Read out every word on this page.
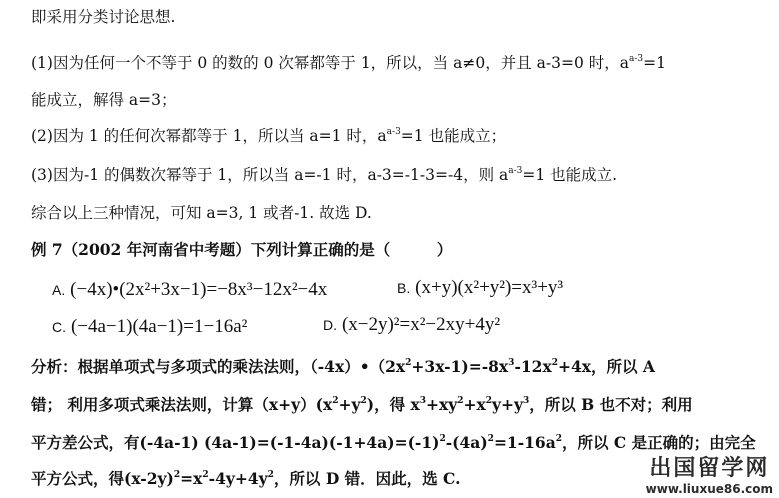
即采用分类讨论思想.
(1)因为任何一个不等于 0 的数的 0 次幂都等于 1，所以，当 a≠0，并且 a-3=0 时，$a^{a-3}=1$
能成立，解得 a=3；
(2)因为 1 的任何次幂都等于 1，所以当 a=1 时，$a^{a-3}=1$ 也能成立；
(3)因为-1 的偶数次幂等于 1，所以当 a=-1 时，a-3=-1-3=-4，则 $a^{a-3}=1$ 也能成立.
综合以上三种情况，可知 a=3, 1 或者-1. 故选 D.
例 7（2002 年河南省中考题）下列计算正确的是（　　　）
A. (−4x)•(2x²+3x−1)=−8x³−12x²−4x	B. (x+y)(x²+y²)=x³+y³
C. (−4a−1)(4a−1)=1−16a²	D. (x−2y)²=x²−2xy+4y²
分析：根据单项式与多项式的乘法法则，$(-4x)•(2x^2+3x-1)=-8x^3-12x^2+4x$，所以 A
错； 利用多项式乘法法则，计算$(x+y)(x^2+y^2)$，得 $x^3+xy^2+x^2y+y^3$，所以 B 也不对；利用
平方差公式，有(-4a-1) $(4a-1)=(-1-4a)(-1+4a)=(-1)^2-(4a)^2=1-16a^2$，所以 C 是正确的；由完全
平方公式，得$(x-2y)^2=x^2-4y+4y^2$，所以 D 错．因此，选 C.	出国留学网
www.liuxue86.com
